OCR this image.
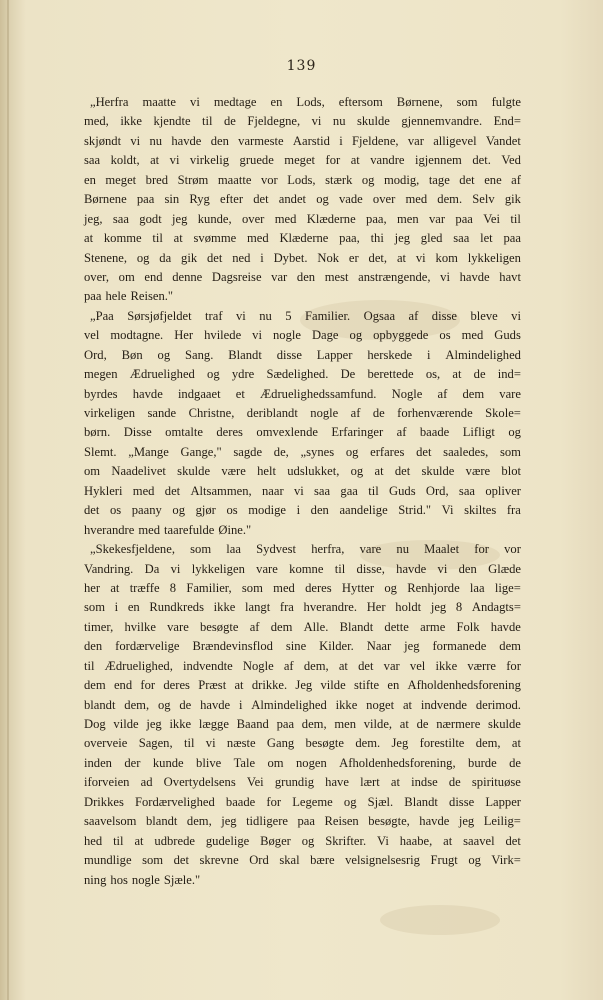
139
„Herfra maatte vi medtage en Lods, eftersom Børnene, som fulgte
med, ikke kjendte til de Fjeldegne, vi nu skulde gjennemvandre. End=
skjøndt vi nu havde den varmeste Aarstid i Fjeldene, var alligevel Vandet
saa koldt, at vi virkelig gruede meget for at vandre igjennem det. Ved
en meget bred Strøm maatte vor Lods, stærk og modig, tage det ene af
Børnene paa sin Ryg efter det andet og vade over med dem. Selv gik
jeg, saa godt jeg kunde, over med Klæderne paa, men var paa Vei til
at komme til at svømme med Klæderne paa, thi jeg gled saa let paa
Stenene, og da gik det ned i Dybet. Nok er det, at vi kom lykkeligen
over, om end denne Dagsreise var den mest anstrængende, vi havde havt
paa hele Reisen."
„Paa Sørsjøfjeldet traf vi nu 5 Familier. Ogsaa af disse bleve vi
vel modtagne. Her hvilede vi nogle Dage og opbyggede os med Guds
Ord, Bøn og Sang. Blandt disse Lapper herskede i Almindelighed
megen Ædruelighed og ydre Sædelighed. De berettede os, at de ind=
byrdes havde indgaaet et Ædruelighedssamfund. Nogle af dem vare
virkeligen sande Christne, deriblandt nogle af de forhenværende Skole=
børn. Disse omtalte deres omvexlende Erfaringer af baade Lifligt og
Slemt. „Mange Gange," sagde de, „synes og erfares det saaledes, som
om Naadelivet skulde være helt udslukket, og at det skulde være blot
Hykleri med det Altsammen, naar vi saa gaa til Guds Ord, saa opliver
det os paany og gjør os modige i den aandelige Strid." Vi skiltes fra
hverandre med taarefulde Øine."
„Skekesfjeldene, som laa Sydvest herfra, vare nu Maalet for vor
Vandring. Da vi lykkeligen vare komne til disse, havde vi den Glæde
her at træffe 8 Familier, som med deres Hytter og Renhjorde laa lige=
som i en Rundkreds ikke langt fra hverandre. Her holdt jeg 8 Andagts=
timer, hvilke vare besøgte af dem Alle. Blandt dette arme Folk havde
den fordærvelige Brændevinsflod sine Kilder. Naar jeg formanede dem
til Ædruelighed, indvendte Nogle af dem, at det var vel ikke værre for
dem end for deres Præst at drikke. Jeg vilde stifte en Afholdenhedsforening
blandt dem, og de havde i Almindelighed ikke noget at indvende derimod.
Dog vilde jeg ikke lægge Baand paa dem, men vilde, at de nærmere skulde
overveie Sagen, til vi næste Gang besøgte dem. Jeg forestilte dem, at
inden der kunde blive Tale om nogen Afholdenhedsforening, burde de
iforveien ad Overtydelsens Vei grundig have lært at indse de spirituøse
Drikkes Fordærvelighed baade for Legeme og Sjæl. Blandt disse Lapper
saavelsom blandt dem, jeg tidligere paa Reisen besøgte, havde jeg Leilig=
hed til at udbrede gudelige Bøger og Skrifter. Vi haabe, at saavel det
mundlige som det skrevne Ord skal bære velsignelsesrig Frugt og Virk=
ning hos nogle Sjæle."
